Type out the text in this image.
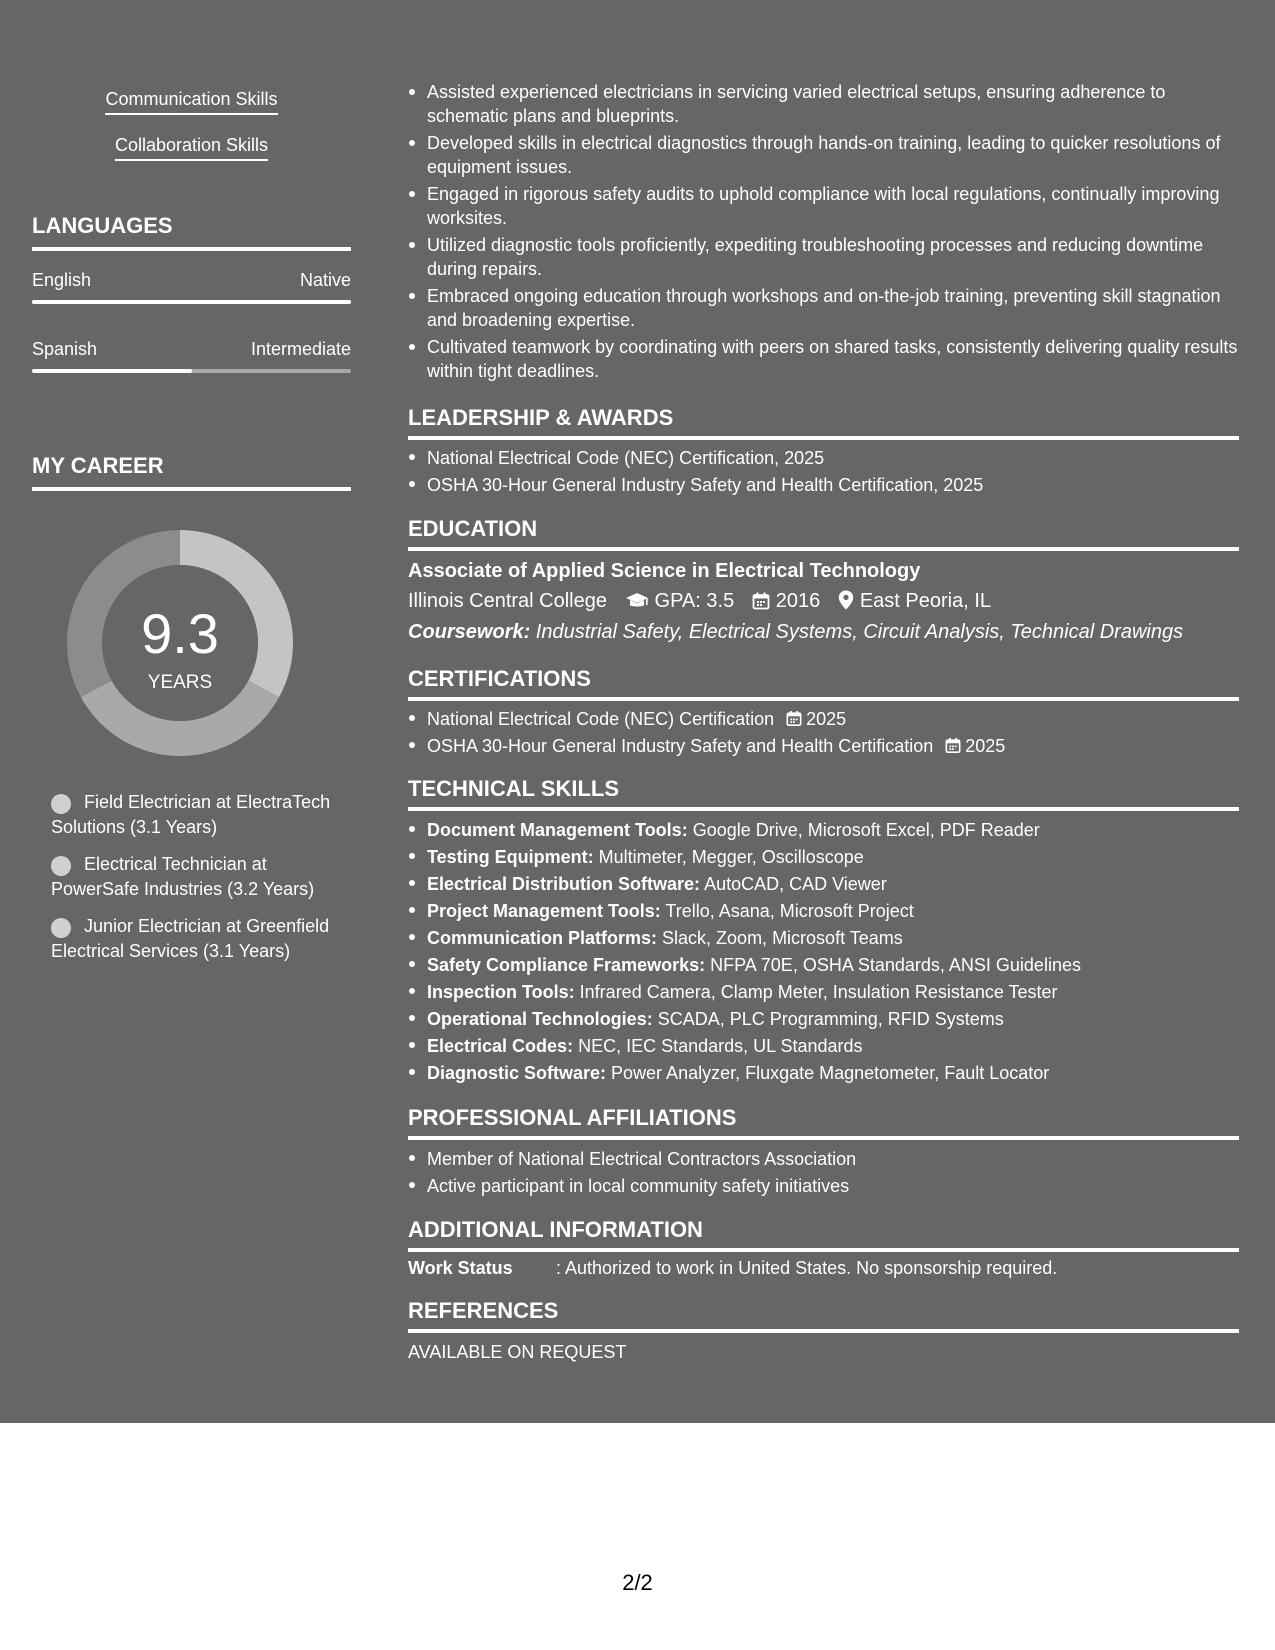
Communication Skills
Collaboration Skills
LANGUAGES
English	Native
Spanish	Intermediate
MY CAREER
9.3
YEARS
Field Electrician at ElectraTech Solutions (3.1 Years)
Electrical Technician at PowerSafe Industries (3.2 Years)
Junior Electrician at Greenfield Electrical Services (3.1 Years)
Assisted experienced electricians in servicing varied electrical setups, ensuring adherence to schematic plans and blueprints.
Developed skills in electrical diagnostics through hands-on training, leading to quicker resolutions of equipment issues.
Engaged in rigorous safety audits to uphold compliance with local regulations, continually improving worksites.
Utilized diagnostic tools proficiently, expediting troubleshooting processes and reducing downtime during repairs.
Embraced ongoing education through workshops and on-the-job training, preventing skill stagnation and broadening expertise.
Cultivated teamwork by coordinating with peers on shared tasks, consistently delivering quality results within tight deadlines.
LEADERSHIP & AWARDS
National Electrical Code (NEC) Certification, 2025
OSHA 30-Hour General Industry Safety and Health Certification, 2025
EDUCATION
Associate of Applied Science in Electrical Technology
Illinois Central College GPA: 3.5 2016 East Peoria, IL
Coursework: Industrial Safety, Electrical Systems, Circuit Analysis, Technical Drawings
CERTIFICATIONS
National Electrical Code (NEC) Certification 2025
OSHA 30-Hour General Industry Safety and Health Certification 2025
TECHNICAL SKILLS
Document Management Tools: Google Drive, Microsoft Excel, PDF Reader
Testing Equipment: Multimeter, Megger, Oscilloscope
Electrical Distribution Software: AutoCAD, CAD Viewer
Project Management Tools: Trello, Asana, Microsoft Project
Communication Platforms: Slack, Zoom, Microsoft Teams
Safety Compliance Frameworks: NFPA 70E, OSHA Standards, ANSI Guidelines
Inspection Tools: Infrared Camera, Clamp Meter, Insulation Resistance Tester
Operational Technologies: SCADA, PLC Programming, RFID Systems
Electrical Codes: NEC, IEC Standards, UL Standards
Diagnostic Software: Power Analyzer, Fluxgate Magnetometer, Fault Locator
PROFESSIONAL AFFILIATIONS
Member of National Electrical Contractors Association
Active participant in local community safety initiatives
ADDITIONAL INFORMATION
Work Status : Authorized to work in United States. No sponsorship required.
REFERENCES
AVAILABLE ON REQUEST
2/2
